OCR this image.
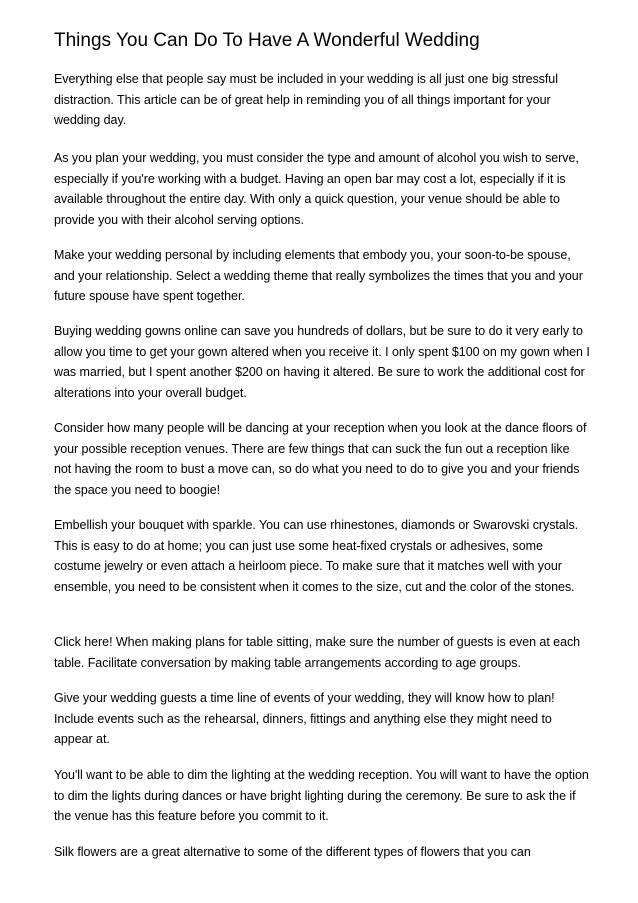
Things You Can Do To Have A Wonderful Wedding

Everything else that people say must be included in your wedding is all just one big stressful distraction. This article can be of great help in reminding you of all things important for your wedding day.

As you plan your wedding, you must consider the type and amount of alcohol you wish to serve, especially if you're working with a budget. Having an open bar may cost a lot, especially if it is available throughout the entire day. With only a quick question, your venue should be able to provide you with their alcohol serving options.

Make your wedding personal by including elements that embody you, your soon-to-be spouse, and your relationship. Select a wedding theme that really symbolizes the times that you and your future spouse have spent together.

Buying wedding gowns online can save you hundreds of dollars, but be sure to do it very early to allow you time to get your gown altered when you receive it. I only spent $100 on my gown when I was married, but I spent another $200 on having it altered. Be sure to work the additional cost for alterations into your overall budget.

Consider how many people will be dancing at your reception when you look at the dance floors of your possible reception venues. There are few things that can suck the fun out a reception like not having the room to bust a move can, so do what you need to do to give you and your friends the space you need to boogie!

Embellish your bouquet with sparkle. You can use rhinestones, diamonds or Swarovski crystals. This is easy to do at home; you can just use some heat-fixed crystals or adhesives, some costume jewelry or even attach a heirloom piece. To make sure that it matches well with your ensemble, you need to be consistent when it comes to the size, cut and the color of the stones.

Click here! When making plans for table sitting, make sure the number of guests is even at each table. Facilitate conversation by making table arrangements according to age groups.

Give your wedding guests a time line of events of your wedding, they will know how to plan! Include events such as the rehearsal, dinners, fittings and anything else they might need to appear at.

You'll want to be able to dim the lighting at the wedding reception. You will want to have the option to dim the lights during dances or have bright lighting during the ceremony. Be sure to ask the if the venue has this feature before you commit to it.

Silk flowers are a great alternative to some of the different types of flowers that you can
